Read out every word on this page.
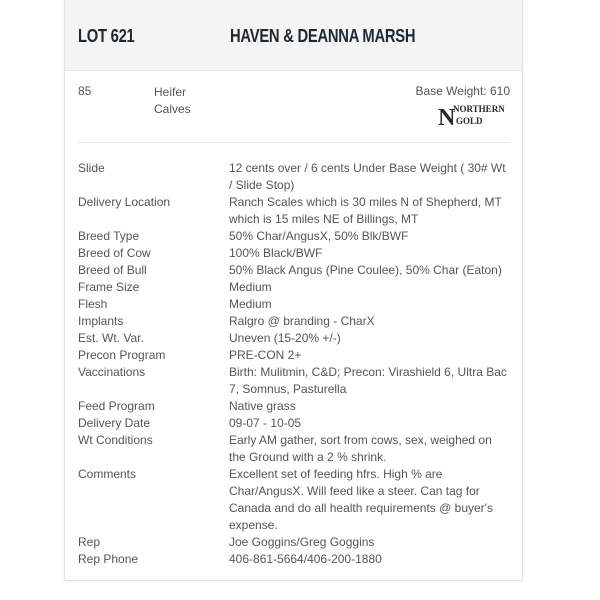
LOT 621	HAVEN & DEANNA MARSH
85	Heifer
Calves
Base Weight: 610
N
NORTHERN
GOLD
Slide	12 cents over / 6 cents Under Base Weight ( 30# Wt / Slide Stop)
Delivery Location	Ranch Scales which is 30 miles N of Shepherd, MT which is 15 miles NE of Billings, MT
Breed Type	50% Char/AngusX, 50% Blk/BWF
Breed of Cow	100% Black/BWF
Breed of Bull	50% Black Angus (Pine Coulee), 50% Char (Eaton)
Frame Size	Medium
Flesh	Medium
Implants	Ralgro @ branding - CharX
Est. Wt. Var.	Uneven (15-20% +/-)
Precon Program	PRE-CON 2+
Vaccinations	Birth: Mulitmin, C&D; Precon: Virashield 6, Ultra Bac 7, Somnus, Pasturella
Feed Program	Native grass
Delivery Date	09-07 - 10-05
Wt Conditions	Early AM gather, sort from cows, sex, weighed on the Ground with a 2 % shrink.
Comments	Excellent set of feeding hfrs. High % are Char/AngusX. Will feed like a steer. Can tag for Canada and do all health requirements @ buyer's expense.
Rep	Joe Goggins/Greg Goggins
Rep Phone	406-861-5664/406-200-1880
